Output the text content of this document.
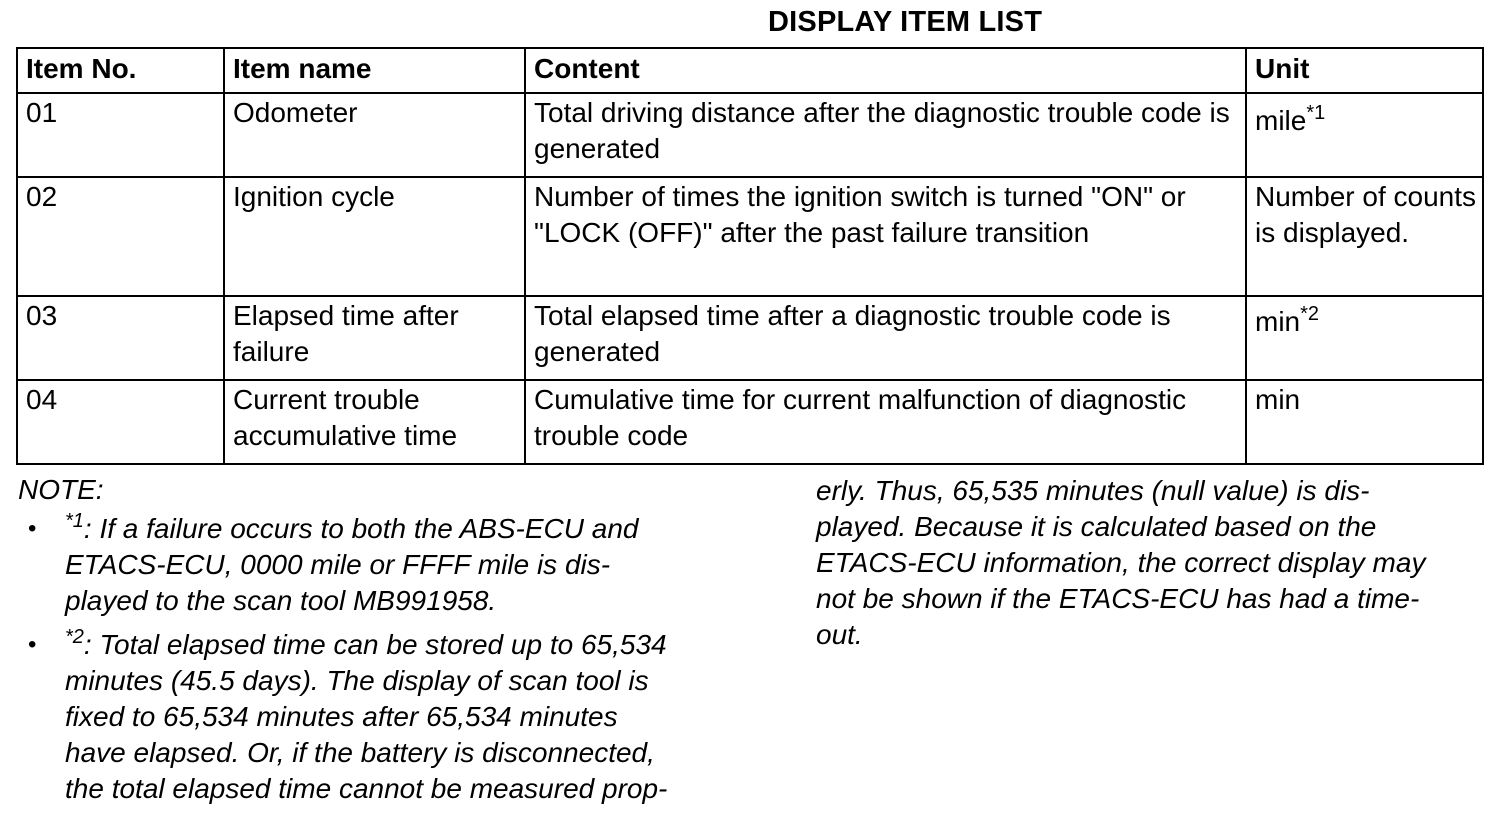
DISPLAY ITEM LIST
Item No.	Item name	Content	Unit
01	Odometer	Total driving distance after the diagnostic trouble code is generated	mile$^{*1}$
02	Ignition cycle	Number of times the ignition switch is turned "ON" or "LOCK (OFF)" after the past failure transition	Number of counts is displayed.
03	Elapsed time after failure	Total elapsed time after a diagnostic trouble code is generated	$\min^{*2}$
04	Current trouble accumulative time	Cumulative time for current malfunction of diagnostic trouble code	min
NOTE:
• $^{*1}$: If a failure occurs to both the ABS-ECU and
ETACS-ECU, 0000 mile or FFFF mile is dis-
played to the scan tool MB991958.
• $^{*2}$: Total elapsed time can be stored up to 65,534
minutes (45.5 days). The display of scan tool is
fixed to 65,534 minutes after 65,534 minutes
have elapsed. Or, if the battery is disconnected,
the total elapsed time cannot be measured prop-
erly. Thus, 65,535 minutes (null value) is dis-
played. Because it is calculated based on the
ETACS-ECU information, the correct display may
not be shown if the ETACS-ECU has had a time-
out.
